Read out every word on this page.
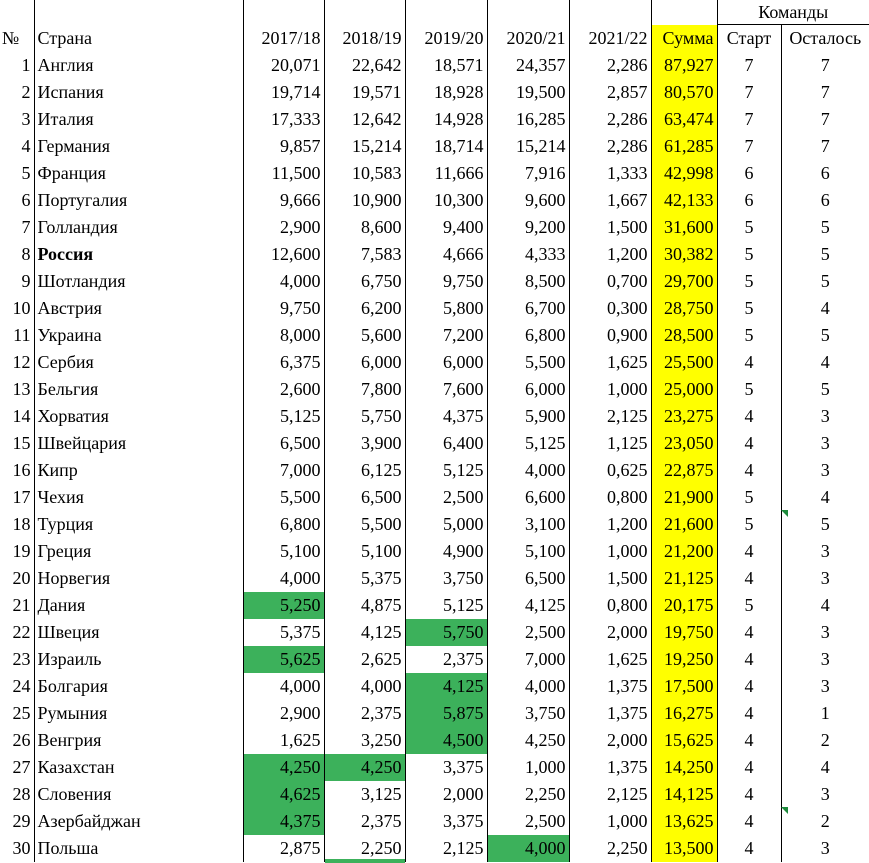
								Команды	
№	Страна	2017/18	2018/19	2019/20	2020/21	2021/22	Сумма	Старт	Осталось
1	Англия	20,071	22,642	18,571	24,357	2,286	87,927	7	7
2	Испания	19,714	19,571	18,928	19,500	2,857	80,570	7	7
3	Италия	17,333	12,642	14,928	16,285	2,286	63,474	7	7
4	Германия	9,857	15,214	18,714	15,214	2,286	61,285	7	7
5	Франция	11,500	10,583	11,666	7,916	1,333	42,998	6	6
6	Португалия	9,666	10,900	10,300	9,600	1,667	42,133	6	6
7	Голландия	2,900	8,600	9,400	9,200	1,500	31,600	5	5
8	Россия	12,600	7,583	4,666	4,333	1,200	30,382	5	5
9	Шотландия	4,000	6,750	9,750	8,500	0,700	29,700	5	5
10	Австрия	9,750	6,200	5,800	6,700	0,300	28,750	5	4
11	Украина	8,000	5,600	7,200	6,800	0,900	28,500	5	5
12	Сербия	6,375	6,000	6,000	5,500	1,625	25,500	4	4
13	Бельгия	2,600	7,800	7,600	6,000	1,000	25,000	5	5
14	Хорватия	5,125	5,750	4,375	5,900	2,125	23,275	4	3
15	Швейцария	6,500	3,900	6,400	5,125	1,125	23,050	4	3
16	Кипр	7,000	6,125	5,125	4,000	0,625	22,875	4	3
17	Чехия	5,500	6,500	2,500	6,600	0,800	21,900	5	4
18	Турция	6,800	5,500	5,000	3,100	1,200	21,600	5	5
19	Греция	5,100	5,100	4,900	5,100	1,000	21,200	4	3
20	Норвегия	4,000	5,375	3,750	6,500	1,500	21,125	4	3
21	Дания	5,250	4,875	5,125	4,125	0,800	20,175	5	4
22	Швеция	5,375	4,125	5,750	2,500	2,000	19,750	4	3
23	Израиль	5,625	2,625	2,375	7,000	1,625	19,250	4	3
24	Болгария	4,000	4,000	4,125	4,000	1,375	17,500	4	3
25	Румыния	2,900	2,375	5,875	3,750	1,375	16,275	4	1
26	Венгрия	1,625	3,250	4,500	4,250	2,000	15,625	4	2
27	Казахстан	4,250	4,250	3,375	1,000	1,375	14,250	4	4
28	Словения	4,625	3,125	2,000	2,250	2,125	14,125	4	3
29	Азербайджан	4,375	2,375	3,375	2,500	1,000	13,625	4	2
30	Польша	2,875	2,250	2,125	4,000	2,250	13,500	4	3
